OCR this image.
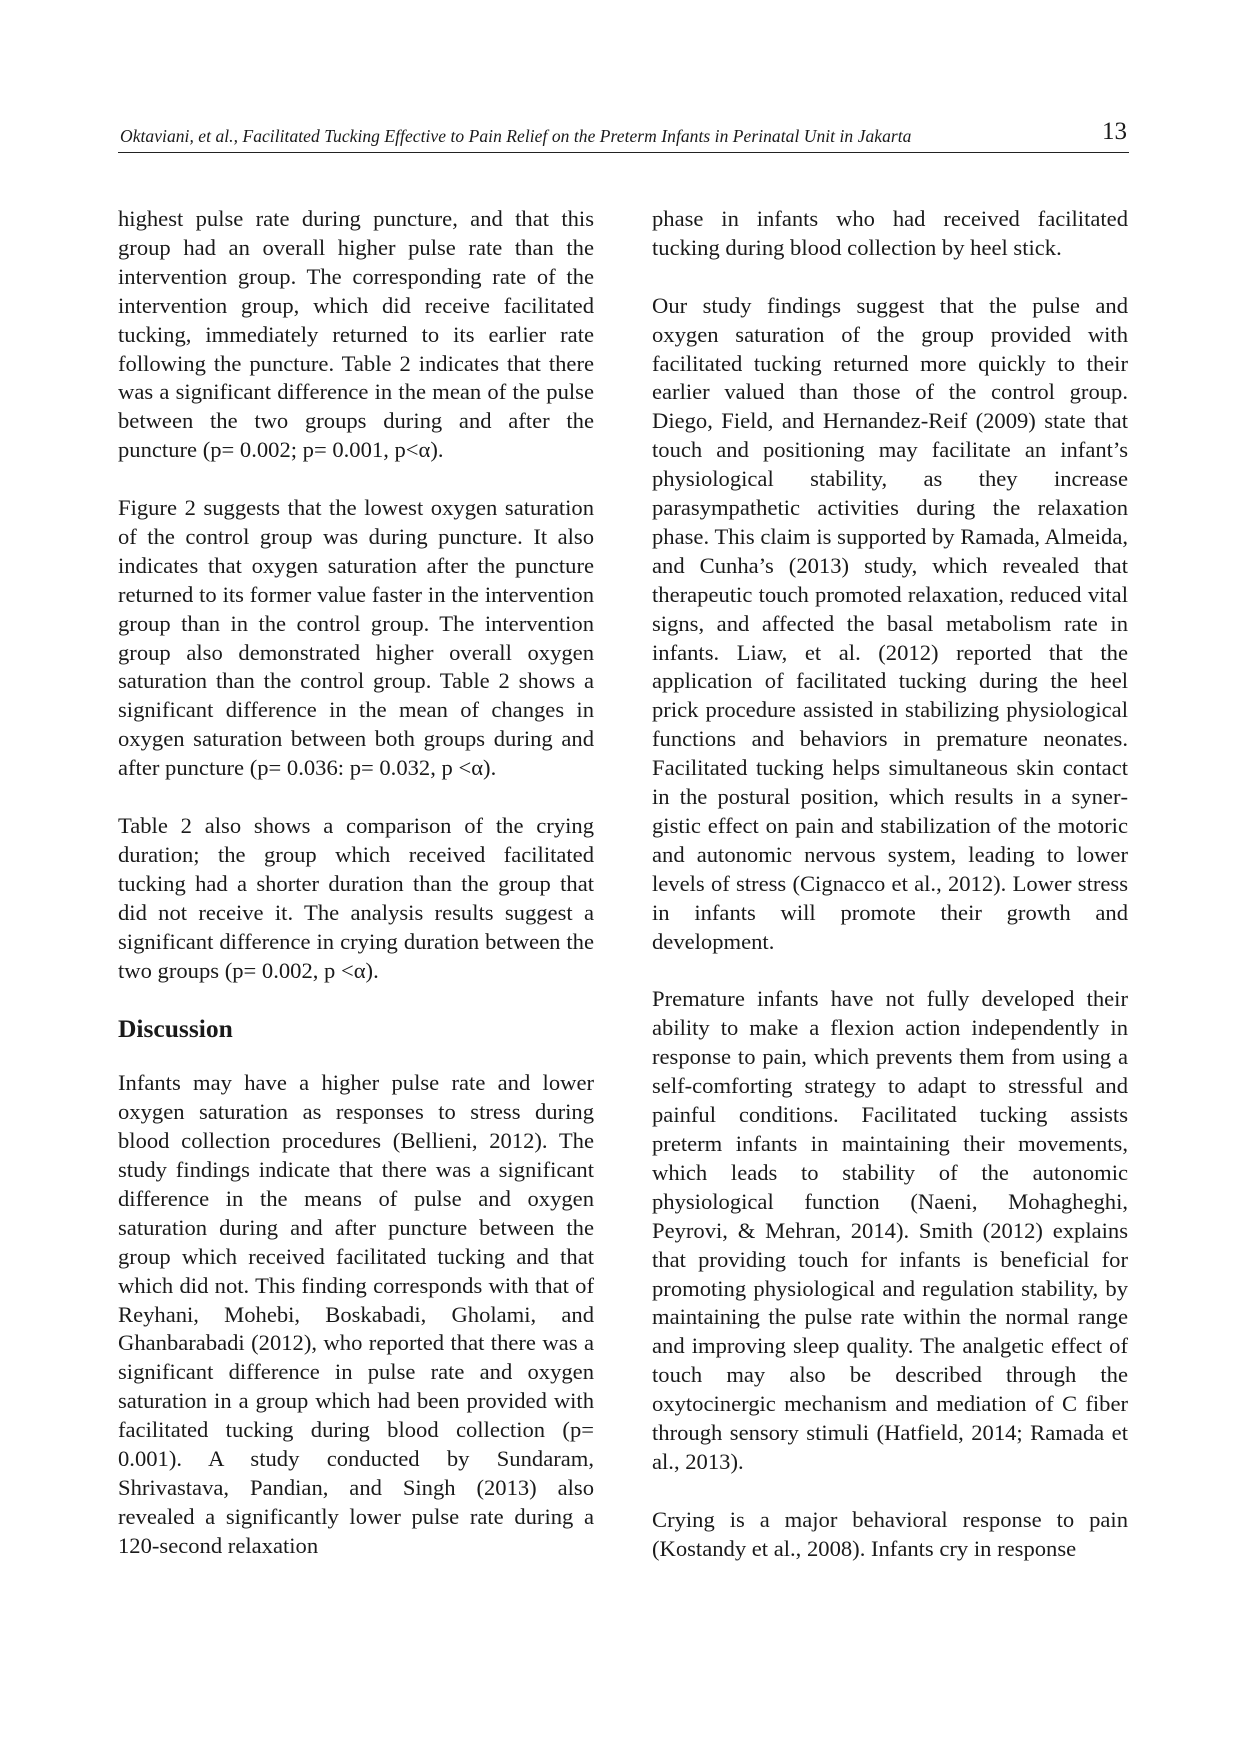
Oktaviani, et al., Facilitated Tucking Effective to Pain Relief on the Preterm Infants in Perinatal Unit in Jakarta	13

highest pulse rate during puncture, and that this group had an overall higher pulse rate than the intervention group. The corresponding rate of the intervention group, which did receive facilitated tucking, immediately returned to its earlier rate following the puncture. Table 2 indicates that there was a significant difference in the mean of the pulse between the two groups during and after the puncture (p= 0.002; p= 0.001, p<α).

Figure 2 suggests that the lowest oxygen saturation of the control group was during puncture. It also indicates that oxygen saturation after the puncture returned to its former value faster in the intervention group than in the control group. The intervention group also demonstrated higher overall oxygen saturation than the control group. Table 2 shows a significant difference in the mean of changes in oxygen saturation between both groups during and after puncture (p= 0.036: p= 0.032, p <α).

Table 2 also shows a comparison of the crying duration; the group which received facilitated tucking had a shorter duration than the group that did not receive it. The analysis results suggest a significant difference in crying duration between the two groups (p= 0.002, p <α).

Discussion

Infants may have a higher pulse rate and lower oxygen saturation as responses to stress during blood collection procedures (Bellieni, 2012). The study findings indicate that there was a significant difference in the means of pulse and oxygen saturation during and after puncture between the group which received facilitated tucking and that which did not. This finding corresponds with that of Reyhani, Mohebi, Boskabadi, Gholami, and Ghanbarabadi (2012), who reported that there was a significant difference in pulse rate and oxygen saturation in a group which had been provided with facilitated tucking during blood collection (p= 0.001). A study conducted by Sundaram, Shrivastava, Pandian, and Singh (2013) also revealed a significantly lower pulse rate during a 120-second relaxation

phase in infants who had received facilitated tucking during blood collection by heel stick.

Our study findings suggest that the pulse and oxygen saturation of the group provided with facilitated tucking returned more quickly to their earlier valued than those of the control group. Diego, Field, and Hernandez-Reif (2009) state that touch and positioning may facilitate an infant’s physiological stability, as they increase parasympathetic activities during the relaxation phase. This claim is supported by Ramada, Almeida, and Cunha’s (2013) study, which revealed that therapeutic touch promoted relaxation, reduced vital signs, and affected the basal metabolism rate in infants. Liaw, et al. (2012) reported that the application of facilitated tucking during the heel prick procedure assisted in stabilizing physiological functions and behaviors in premature neonates. Facilitated tucking helps simultaneous skin contact in the postural position, which results in a synergistic effect on pain and stabilization of the motoric and autonomic nervous system, leading to lower levels of stress (Cignacco et al., 2012). Lower stress in infants will promote their growth and development.

Premature infants have not fully developed their ability to make a flexion action independently in response to pain, which prevents them from using a self-comforting strategy to adapt to stressful and painful conditions. Facilitated tucking assists preterm infants in maintaining their movements, which leads to stability of the autonomic physiological function (Naeni, Mohagheghi, Peyrovi, & Mehran, 2014). Smith (2012) explains that providing touch for infants is beneficial for promoting physiological and regulation stability, by maintaining the pulse rate within the normal range and improving sleep quality. The analgetic effect of touch may also be described through the oxytocinergic mechanism and mediation of C fiber through sensory stimuli (Hatfield, 2014; Ramada et al., 2013).

Crying is a major behavioral response to pain (Kostandy et al., 2008). Infants cry in response
